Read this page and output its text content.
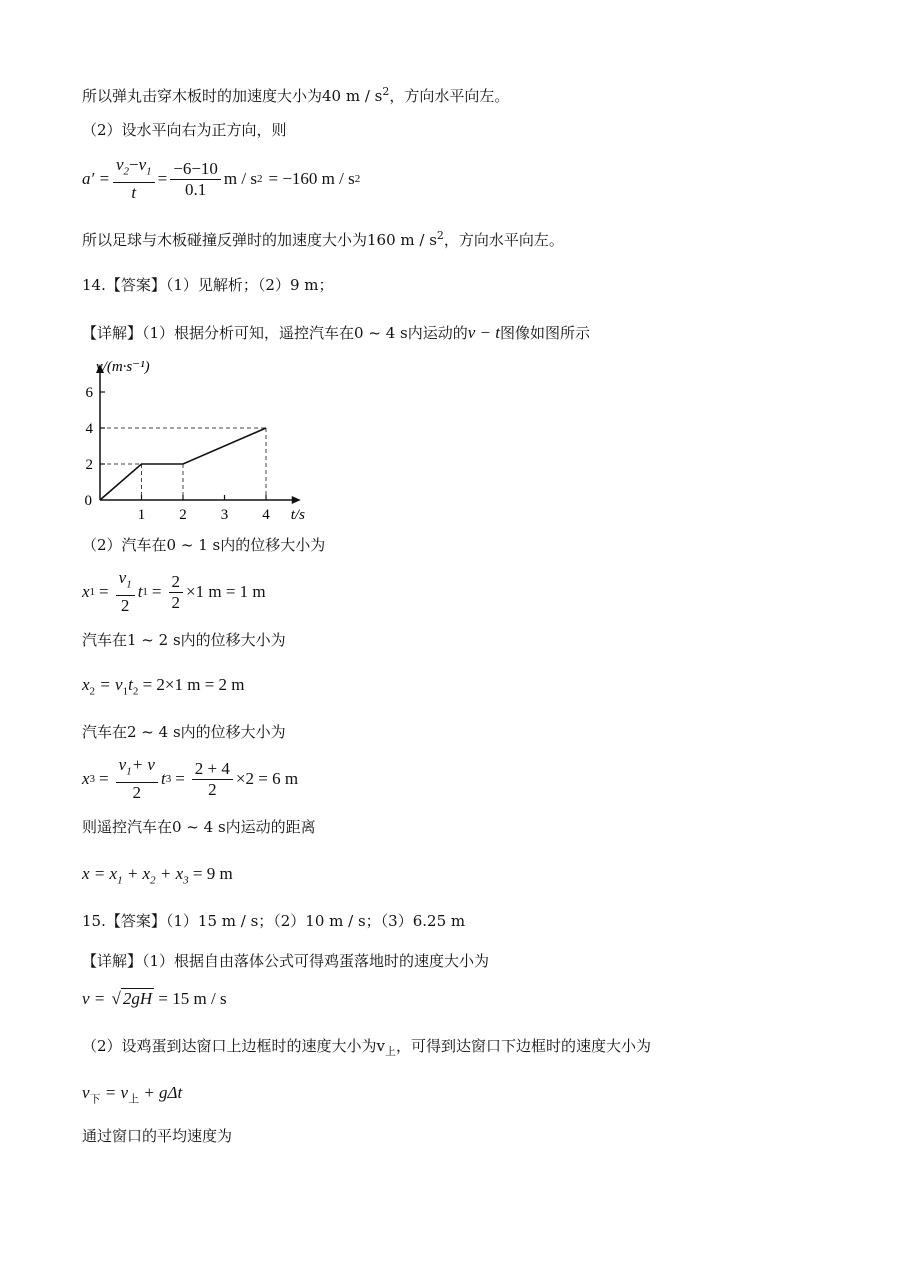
所以弹丸击穿木板时的加速度大小为40 m / $s^2$，方向水平向左。
（2）设水平向右为正方向，则
$a' = \frac{v_2-v_1}{t} = \frac{-6-10}{0.1}$ m / s 2 = −160 m / s 2
所以足球与木板碰撞反弹时的加速度大小为160 m / $s^2$，方向水平向左。
14.【答案】（1）见解析；（2）9 m；
【详解】（1）根据分析可知，遥控汽车在0 ~ 4 s内运动的v − t图像如图所示
1 2 3 4
2
4
6
0
v/(m·s⁻¹)
t/s
（2）汽车在0 ~ 1 s内的位移大小为
x $1 = \frac{v_1}{2}$ t $1 = \frac{2}{2} \times 1$ m = 1 m
汽车在1 ~ 2 s内的位移大小为
$x_2 = v_1t_2 = 2\times 1$ m = 2 m
汽车在2 ~ 4 s内的位移大小为
x $3 = \frac{v_1+ v}{2}$ t $3 = \frac{2 + 4}{2} \times 2 = 6$ m
则遥控汽车在0 ~ 4 s内运动的距离
$x = x_1 + x_2 + x_3 = 9$ m
15.【答案】（1）15 m / s；（2）10 m / s；（3）6.25 m
【详解】（1）根据自由落体公式可得鸡蛋落地时的速度大小为
v = √ 2gH = 15 m / s
（2）设鸡蛋到达窗口上边框时的速度大小为$v_上$，可得到达窗口下边框时的速度大小为
$v_下 = v_上 + g\Delta t$
通过窗口的平均速度为
